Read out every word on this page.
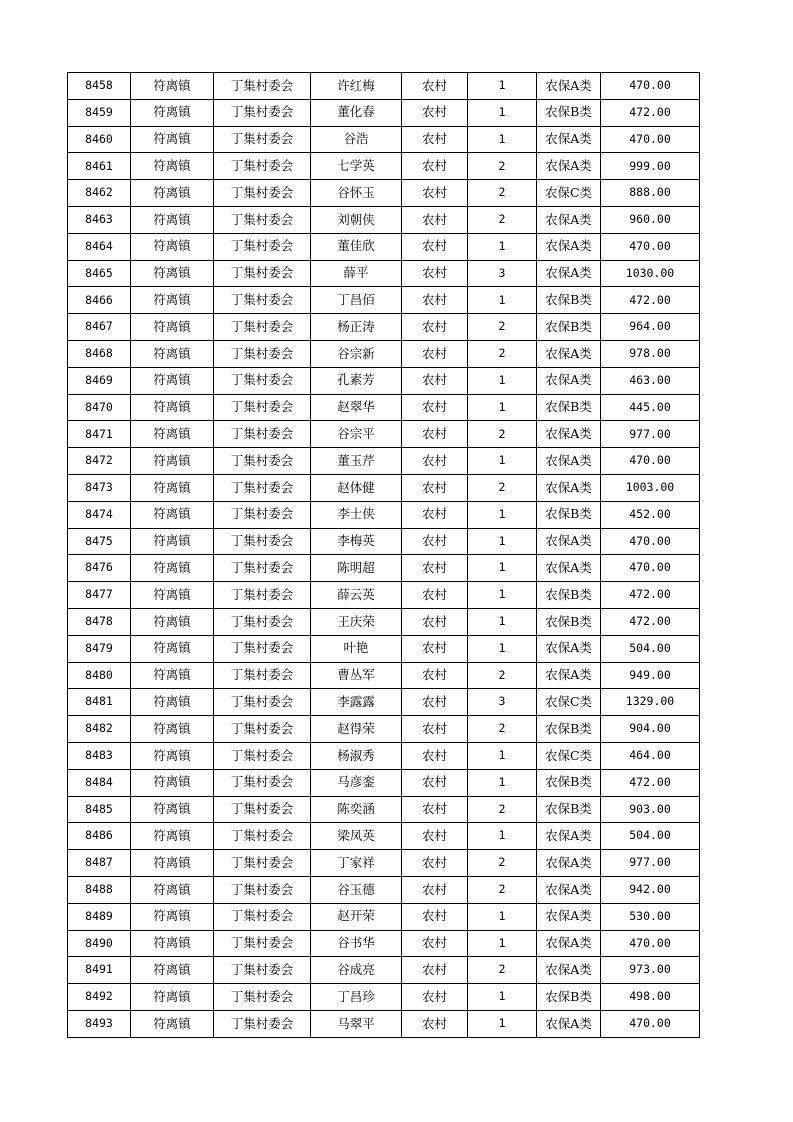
8458	符离镇	丁集村委会	许红梅	农村	1	农保A类	470.00
8459	符离镇	丁集村委会	董化春	农村	1	农保B类	472.00
8460	符离镇	丁集村委会	谷浩	农村	1	农保A类	470.00
8461	符离镇	丁集村委会	七学英	农村	2	农保A类	999.00
8462	符离镇	丁集村委会	谷怀玉	农村	2	农保C类	888.00
8463	符离镇	丁集村委会	刘朝侠	农村	2	农保A类	960.00
8464	符离镇	丁集村委会	董佳欣	农村	1	农保A类	470.00
8465	符离镇	丁集村委会	薛平	农村	3	农保A类	1030.00
8466	符离镇	丁集村委会	丁昌佰	农村	1	农保B类	472.00
8467	符离镇	丁集村委会	杨正涛	农村	2	农保B类	964.00
8468	符离镇	丁集村委会	谷宗新	农村	2	农保A类	978.00
8469	符离镇	丁集村委会	孔素芳	农村	1	农保A类	463.00
8470	符离镇	丁集村委会	赵翠华	农村	1	农保B类	445.00
8471	符离镇	丁集村委会	谷宗平	农村	2	农保A类	977.00
8472	符离镇	丁集村委会	董玉芹	农村	1	农保A类	470.00
8473	符离镇	丁集村委会	赵体健	农村	2	农保A类	1003.00
8474	符离镇	丁集村委会	李士侠	农村	1	农保B类	452.00
8475	符离镇	丁集村委会	李梅英	农村	1	农保A类	470.00
8476	符离镇	丁集村委会	陈明超	农村	1	农保A类	470.00
8477	符离镇	丁集村委会	薛云英	农村	1	农保B类	472.00
8478	符离镇	丁集村委会	王庆荣	农村	1	农保B类	472.00
8479	符离镇	丁集村委会	叶艳	农村	1	农保A类	504.00
8480	符离镇	丁集村委会	曹丛军	农村	2	农保A类	949.00
8481	符离镇	丁集村委会	李露露	农村	3	农保C类	1329.00
8482	符离镇	丁集村委会	赵得荣	农村	2	农保B类	904.00
8483	符离镇	丁集村委会	杨淑秀	农村	1	农保C类	464.00
8484	符离镇	丁集村委会	马彦銮	农村	1	农保B类	472.00
8485	符离镇	丁集村委会	陈奕涵	农村	2	农保B类	903.00
8486	符离镇	丁集村委会	梁凤英	农村	1	农保A类	504.00
8487	符离镇	丁集村委会	丁家祥	农村	2	农保A类	977.00
8488	符离镇	丁集村委会	谷玉德	农村	2	农保A类	942.00
8489	符离镇	丁集村委会	赵开荣	农村	1	农保A类	530.00
8490	符离镇	丁集村委会	谷书华	农村	1	农保A类	470.00
8491	符离镇	丁集村委会	谷成亮	农村	2	农保A类	973.00
8492	符离镇	丁集村委会	丁昌珍	农村	1	农保B类	498.00
8493	符离镇	丁集村委会	马翠平	农村	1	农保A类	470.00
